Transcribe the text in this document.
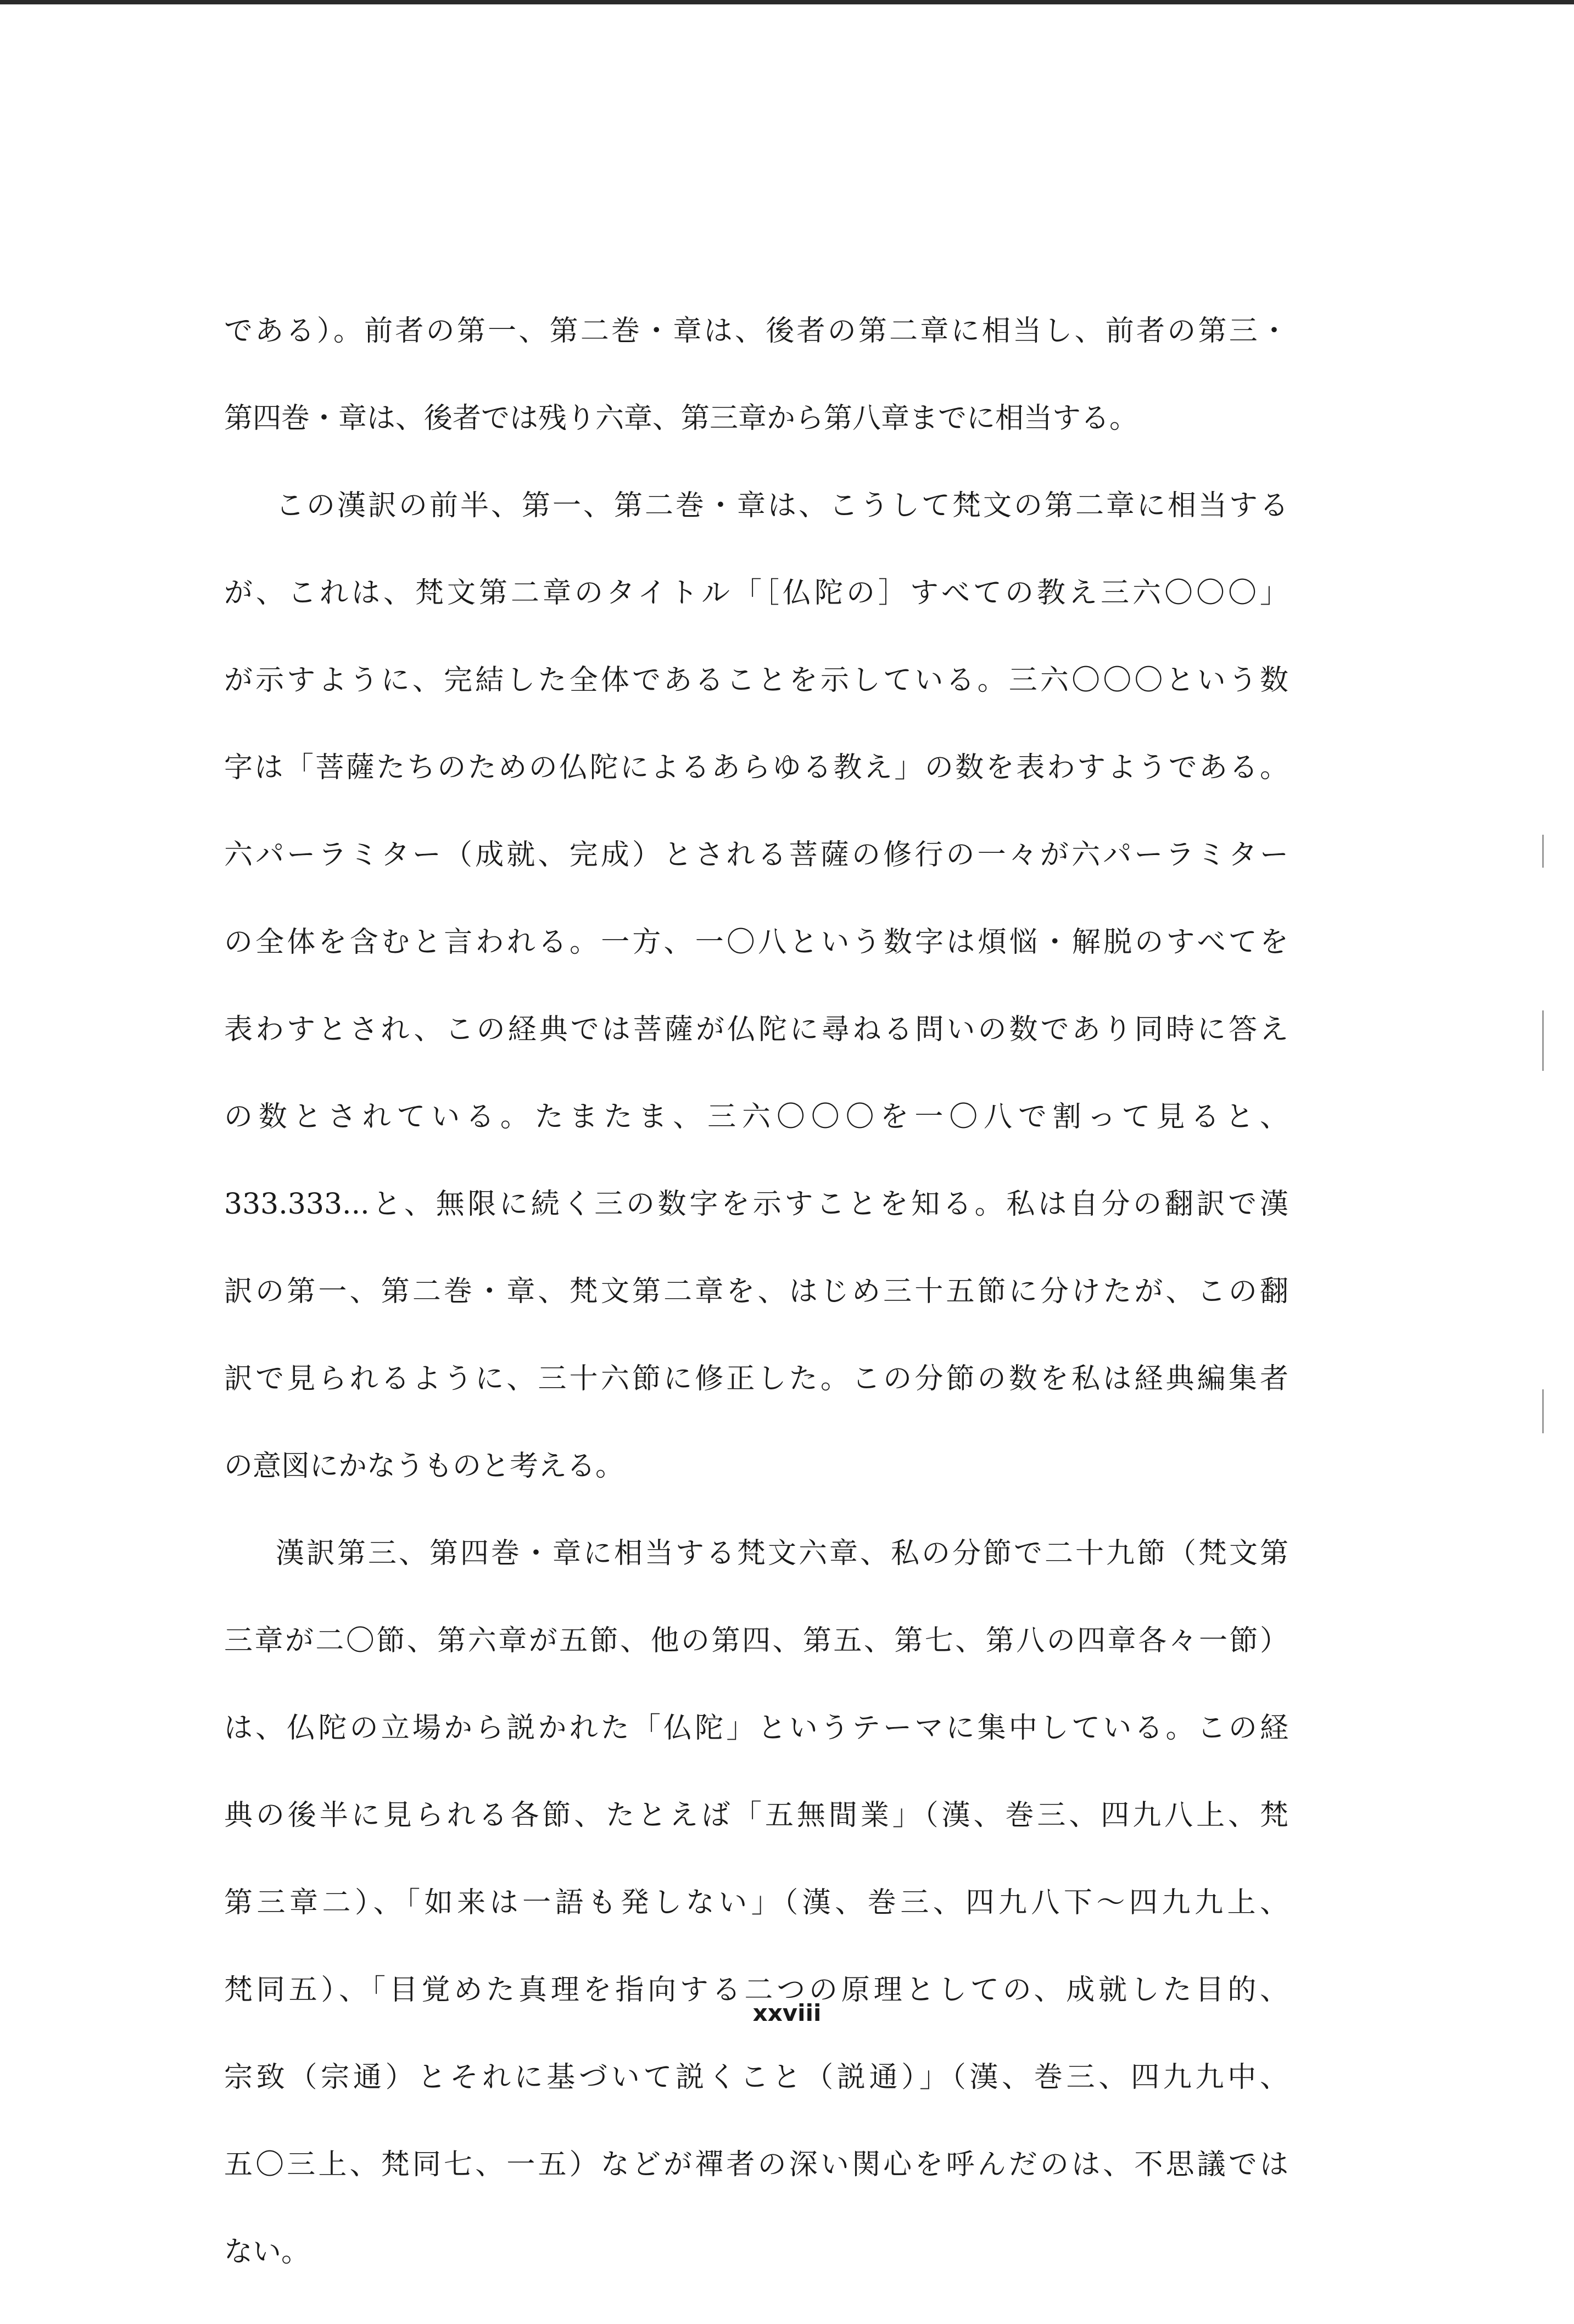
である）。前者の第一、第二巻・章は、後者の第二章に相当し、前者の第三・
第四巻・章は、後者では残り六章、第三章から第八章までに相当する。
この漢訳の前半、第一、第二巻・章は、こうして梵文の第二章に相当する
が、これは、梵文第二章のタイトル「［仏陀の］すべての教え三六〇〇〇」
が示すように、完結した全体であることを示している。三六〇〇〇という数
字は「菩薩たちのための仏陀によるあらゆる教え」の数を表わすようである。
六パーラミター（成就、完成）とされる菩薩の修行の一々が六パーラミター
の全体を含むと言われる。一方、一〇八という数字は煩悩・解脱のすべてを
表わすとされ、この経典では菩薩が仏陀に尋ねる問いの数であり同時に答え
の数とされている。たまたま、三六〇〇〇を一〇八で割って見ると、
333.333...と、無限に続く三の数字を示すことを知る。私は自分の翻訳で漢
訳の第一、第二巻・章、梵文第二章を、はじめ三十五節に分けたが、この翻
訳で見られるように、三十六節に修正した。この分節の数を私は経典編集者
の意図にかなうものと考える。
漢訳第三、第四巻・章に相当する梵文六章、私の分節で二十九節（梵文第
三章が二〇節、第六章が五節、他の第四、第五、第七、第八の四章各々一節）
は、仏陀の立場から説かれた「仏陀」というテーマに集中している。この経
典の後半に見られる各節、たとえば「五無間業」（漢、巻三、四九八上、梵
第三章二）、「如来は一語も発しない」（漢、巻三、四九八下～四九九上、
梵同五）、「目覚めた真理を指向する二つの原理としての、成就した目的、
宗致（宗通）とそれに基づいて説くこと（説通）」（漢、巻三、四九九中、
五〇三上、梵同七、一五）などが禪者の深い関心を呼んだのは、不思議では
ない。
xxviii
